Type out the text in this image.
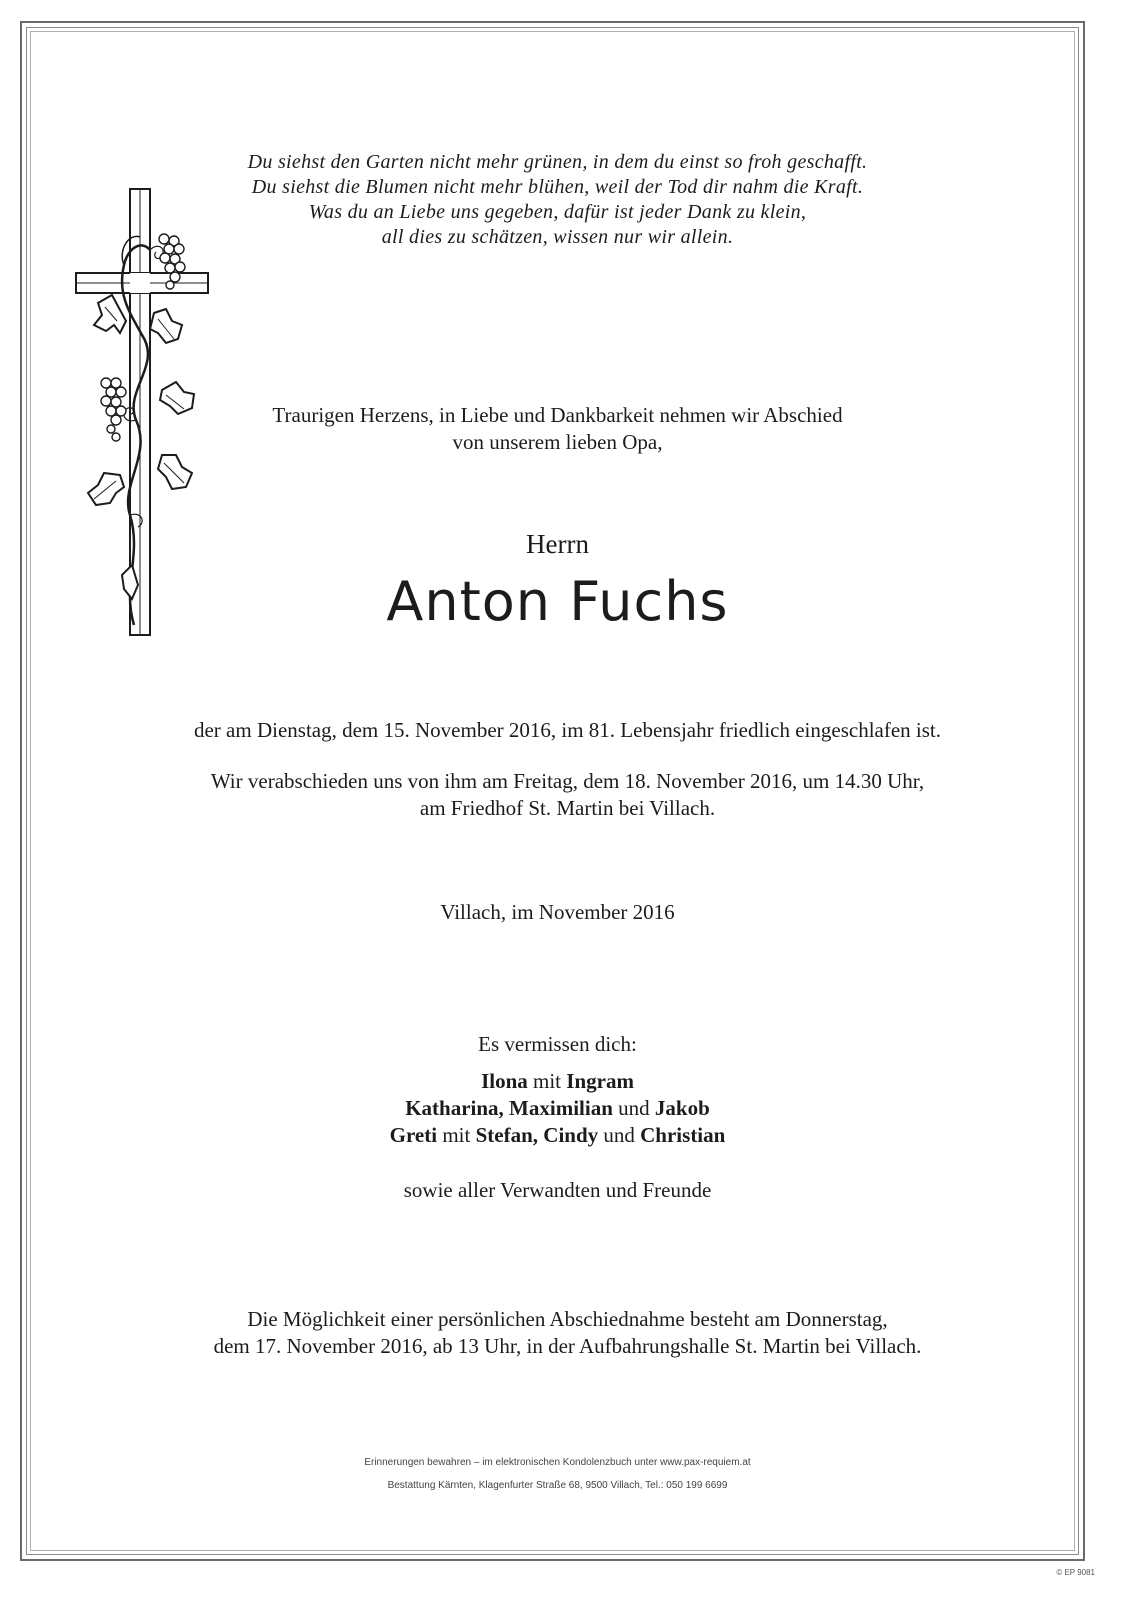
Du siehst den Garten nicht mehr grünen, in dem du einst so froh geschafft.
Du siehst die Blumen nicht mehr blühen, weil der Tod dir nahm die Kraft.
Was du an Liebe uns gegeben, dafür ist jeder Dank zu klein,
all dies zu schätzen, wissen nur wir allein.
Traurigen Herzens, in Liebe und Dankbarkeit nehmen wir Abschied
von unserem lieben Opa,
Herrn
Anton Fuchs
der am Dienstag, dem 15. November 2016, im 81. Lebensjahr friedlich eingeschlafen ist.
Wir verabschieden uns von ihm am Freitag, dem 18. November 2016, um 14.30 Uhr,
am Friedhof St. Martin bei Villach.
Villach, im November 2016
Es vermissen dich:
Ilona mit Ingram
Katharina, Maximilian und Jakob
Greti mit Stefan, Cindy und Christian
sowie aller Verwandten und Freunde
Die Möglichkeit einer persönlichen Abschiednahme besteht am Donnerstag,
dem 17. November 2016, ab 13 Uhr, in der Aufbahrungshalle St. Martin bei Villach.
Erinnerungen bewahren – im elektronischen Kondolenzbuch unter www.pax-requiem.at
Bestattung Kärnten, Klagenfurter Straße 68, 9500 Villach, Tel.: 050 199 6699
© EP 9081
